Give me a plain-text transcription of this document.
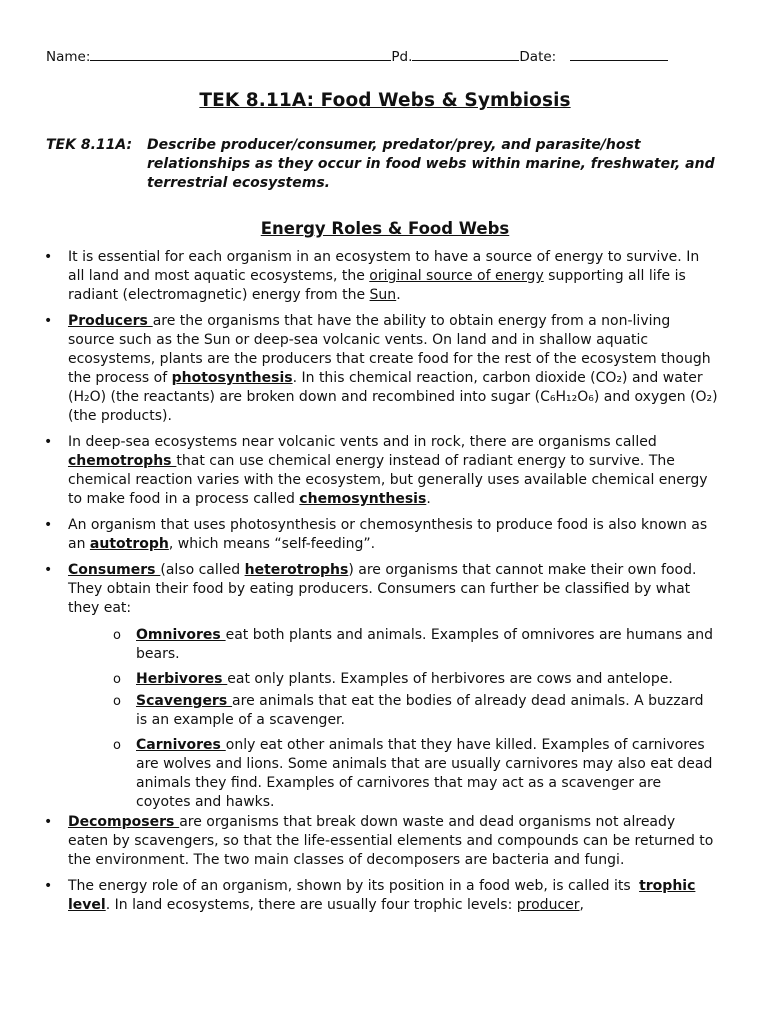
Name:	Pd.	Date:
TEK 8.11A: Food Webs & Symbiosis
TEK 8.11A: Describe producer/consumer, predator/prey, and parasite/host relationships as they occur in food webs within marine, freshwater, and terrestrial ecosystems.
Energy Roles & Food Webs
• It is essential for each organism in an ecosystem to have a source of energy to survive. In all land and most aquatic ecosystems, the original source of energy supporting all life is radiant (electromagnetic) energy from the Sun.
• Producers are the organisms that have the ability to obtain energy from a non-living source such as the Sun or deep-sea volcanic vents. On land and in shallow aquatic ecosystems, plants are the producers that create food for the rest of the ecosystem though the process of photosynthesis. In this chemical reaction, carbon dioxide (CO₂) and water (H₂O) (the reactants) are broken down and recombined into sugar (C₆H₁₂O₆) and oxygen (O₂)(the products).
• In deep-sea ecosystems near volcanic vents and in rock, there are organisms called chemotrophs that can use chemical energy instead of radiant energy to survive. The chemical reaction varies with the ecosystem, but generally uses available chemical energy to make food in a process called chemosynthesis.
• An organism that uses photosynthesis or chemosynthesis to produce food is also known as an autotroph, which means “self-feeding”.
• Consumers (also called heterotrophs) are organisms that cannot make their own food. They obtain their food by eating producers. Consumers can further be classified by what they eat:
o Omnivores eat both plants and animals. Examples of omnivores are humans and bears.
o Herbivores eat only plants. Examples of herbivores are cows and antelope.
o Scavengers are animals that eat the bodies of already dead animals. A buzzard is an example of a scavenger.
o Carnivores only eat other animals that they have killed. Examples of carnivores are wolves and lions. Some animals that are usually carnivores may also eat dead animals they find. Examples of carnivores that may act as a scavenger are coyotes and hawks.
• Decomposers are organisms that break down waste and dead organisms not already eaten by scavengers, so that the life-essential elements and compounds can be returned to the environment. The two main classes of decomposers are bacteria and fungi.
• The energy role of an organism, shown by its position in a food web, is called its trophic level. In land ecosystems, there are usually four trophic levels: producer,
